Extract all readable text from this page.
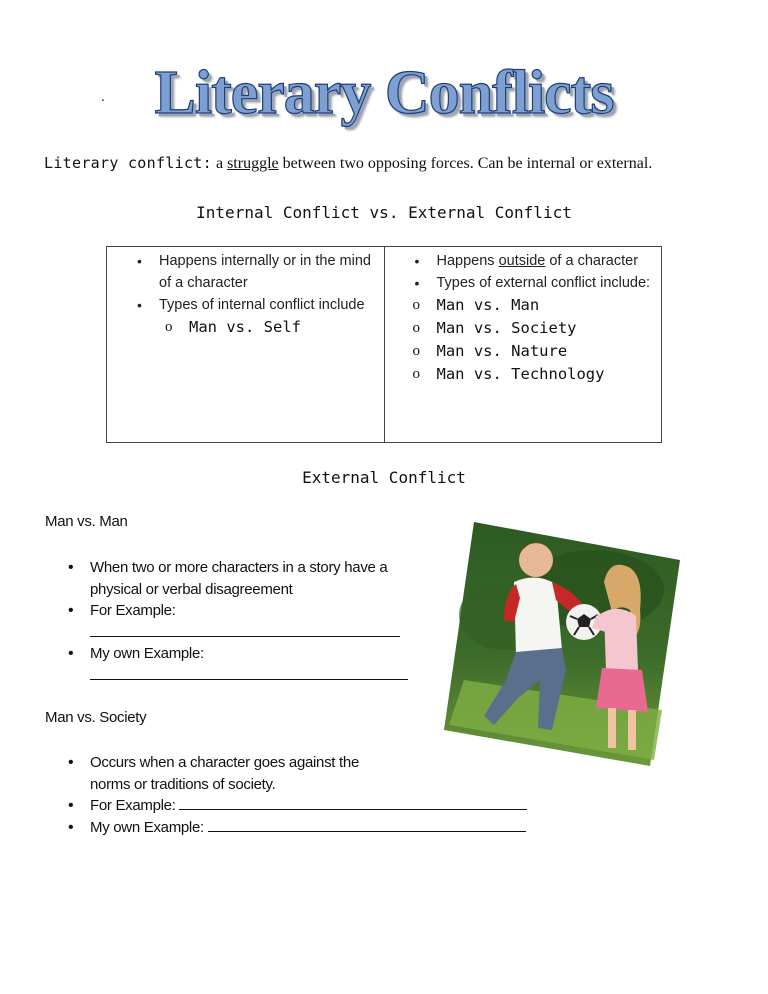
Literary Conflicts
.
Literary conflict: a struggle between two opposing forces. Can be internal or external.
Internal Conflict vs. External Conflict
• Happens internally or in the mind of a character
• Types of internal conflict include
o Man vs. Self

• Happens outside of a character
• Types of external conflict include:
o Man vs. Man
o Man vs. Society
o Man vs. Nature
o Man vs. Technology
External Conflict
Man vs. Man
• When two or more characters in a story have a physical or verbal disagreement
• For Example:

• My own Example:

Man vs. Society
• Occurs when a character goes against the norms or traditions of society.
• For Example:
• My own Example:
